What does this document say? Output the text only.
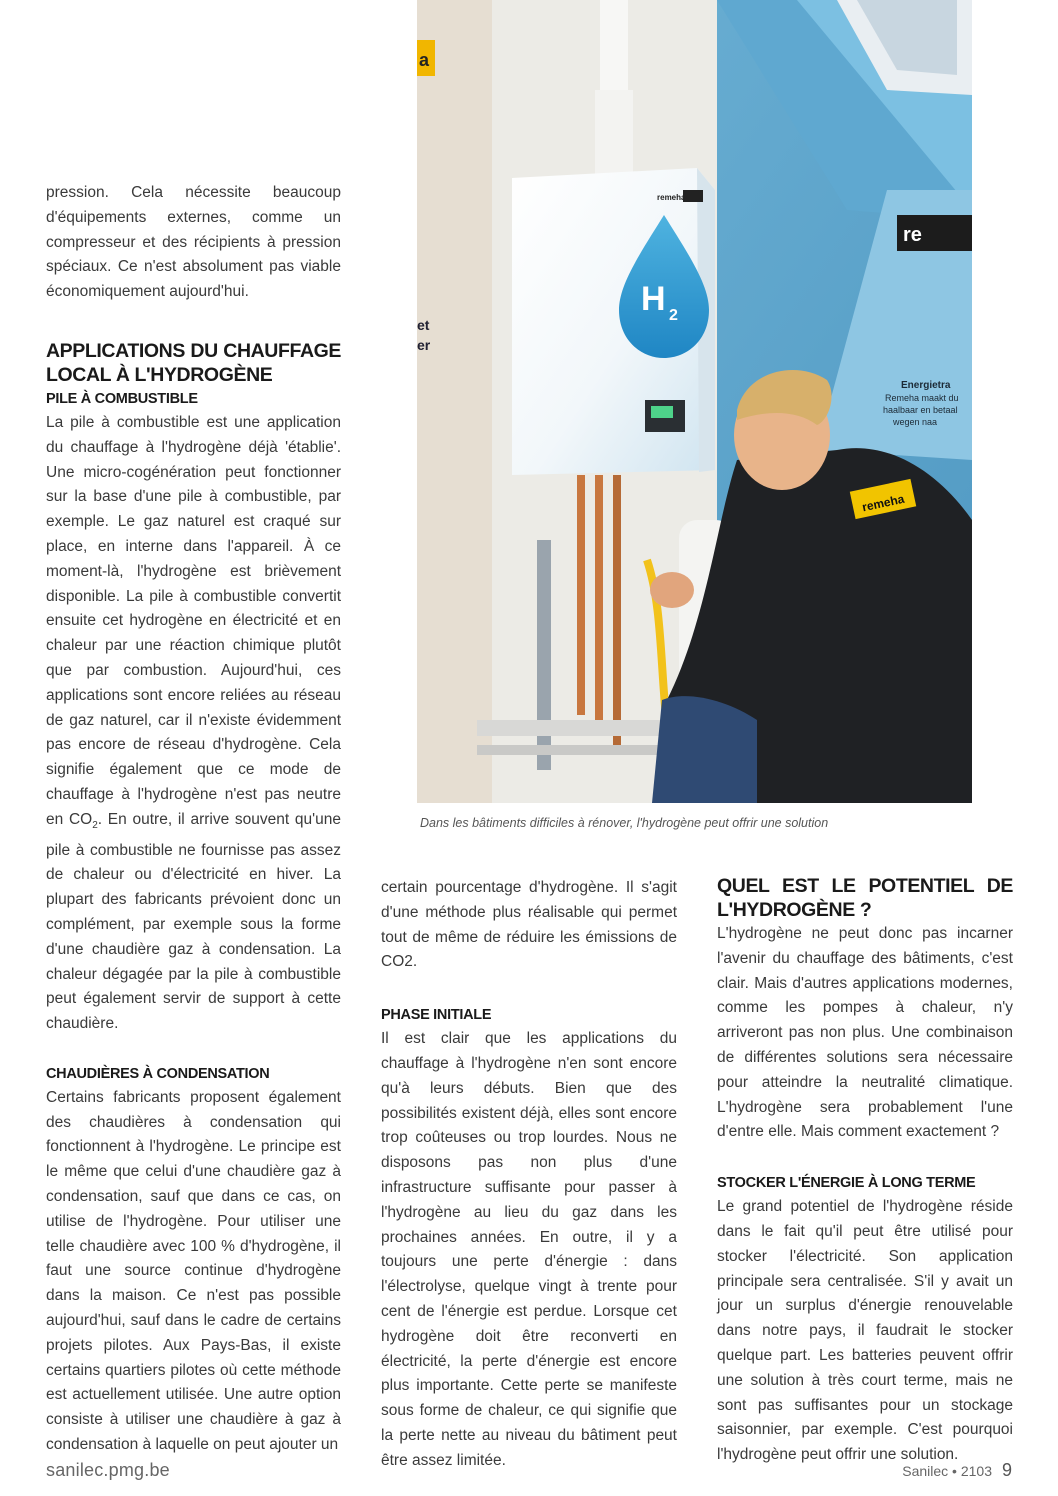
pression. Cela nécessite beaucoup d'équipements externes, comme un compresseur et des récipients à pression spéciaux. Ce n'est absolument pas viable économiquement aujourd'hui.

APPLICATIONS DU CHAUFFAGE LOCAL À L'HYDROGÈNE
PILE À COMBUSTIBLE

La pile à combustible est une application du chauffage à l'hydrogène déjà 'établie'. Une micro-cogénération peut fonctionner sur la base d'une pile à combustible, par exemple. Le gaz naturel est craqué sur place, en interne dans l'appareil. À ce moment-là, l'hydrogène est brièvement disponible. La pile à combustible convertit ensuite cet hydrogène en électricité et en chaleur par une réaction chimique plutôt que par combustion. Aujourd'hui, ces applications sont encore reliées au réseau de gaz naturel, car il n'existe évidemment pas encore de réseau d'hydrogène. Cela signifie également que ce mode de chauffage à l'hydrogène n'est pas neutre en $CO_2$. En outre, il arrive souvent qu'une pile à combustible ne fournisse pas assez de chaleur ou d'électricité en hiver. La plupart des fabricants prévoient donc un complément, par exemple sous la forme d'une chaudière gaz à condensation. La chaleur dégagée par la pile à combustible peut également servir de support à cette chaudière.

CHAUDIÈRES À CONDENSATION

Certains fabricants proposent également des chaudières à condensation qui fonctionnent à l'hydrogène. Le principe est le même que celui d'une chaudière gaz à condensation, sauf que dans ce cas, on utilise de l'hydrogène. Pour utiliser une telle chaudière avec 100 % d'hydrogène, il faut une source continue d'hydrogène dans la maison. Ce n'est pas possible aujourd'hui, sauf dans le cadre de certains projets pilotes. Aux Pays-Bas, il existe certains quartiers pilotes où cette méthode est actuellement utilisée. Une autre option consiste à utiliser une chaudière à gaz à condensation à laquelle on peut ajouter un

a
et
er
re
Energietra
Remeha maakt du
haalbaar en betaal
wegen naa
remeha
H 2
remeha
Dans les bâtiments difficiles à rénover, l'hydrogène peut offrir une solution

certain pourcentage d'hydrogène. Il s'agit d'une méthode plus réalisable qui permet tout de même de réduire les émissions de CO2.

PHASE INITIALE

Il est clair que les applications du chauffage à l'hydrogène n'en sont encore qu'à leurs débuts. Bien que des possibilités existent déjà, elles sont encore trop coûteuses ou trop lourdes. Nous ne disposons pas non plus d'une infrastructure suffisante pour passer à l'hydrogène au lieu du gaz dans les prochaines années. En outre, il y a toujours une perte d'énergie : dans l'électrolyse, quelque vingt à trente pour cent de l'énergie est perdue. Lorsque cet hydrogène doit être reconverti en électricité, la perte d'énergie est encore plus importante. Cette perte se manifeste sous forme de chaleur, ce qui signifie que la perte nette au niveau du bâtiment peut être assez limitée.

QUEL EST LE POTENTIEL DE L'HYDROGÈNE ?

L'hydrogène ne peut donc pas incarner l'avenir du chauffage des bâtiments, c'est clair. Mais d'autres applications modernes, comme les pompes à chaleur, n'y arriveront pas non plus. Une combinaison de différentes solutions sera nécessaire pour atteindre la neutralité climatique. L'hydrogène sera probablement l'une d'entre elle. Mais comment exactement ?

STOCKER L'ÉNERGIE À LONG TERME

Le grand potentiel de l'hydrogène réside dans le fait qu'il peut être utilisé pour stocker l'électricité. Son application principale sera centralisée. S'il y avait un jour un surplus d'énergie renouvelable dans notre pays, il faudrait le stocker quelque part. Les batteries peuvent offrir une solution à très court terme, mais ne sont pas suffisantes pour un stockage saisonnier, par exemple. C'est pourquoi l'hydrogène peut offrir une solution.

sanilec.pmg.be	Sanilec • 2103 9
